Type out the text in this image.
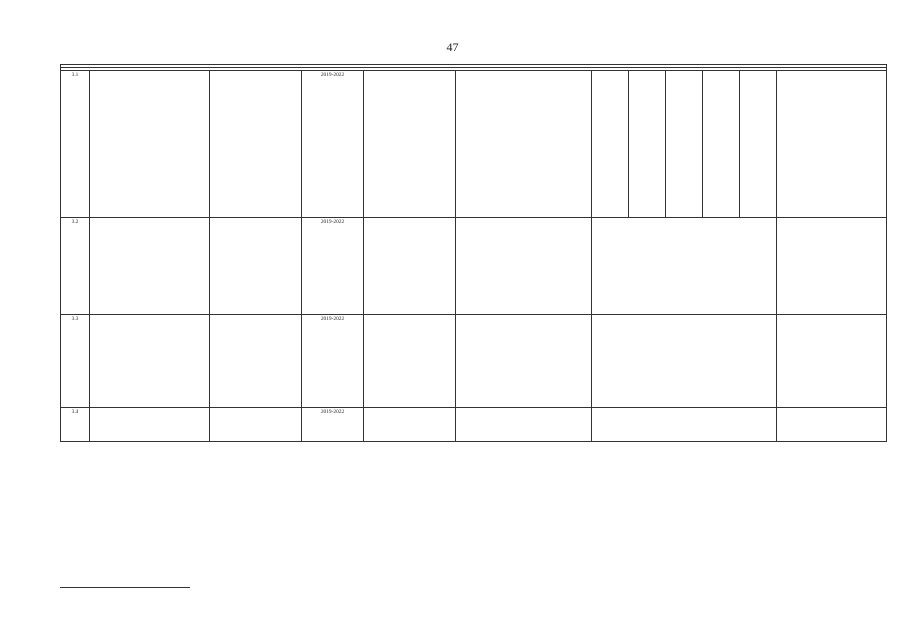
47

3.1			2019-2022								
3.2			2019-2022								
3.3			2019-2022								
3.4			2019-2022								
